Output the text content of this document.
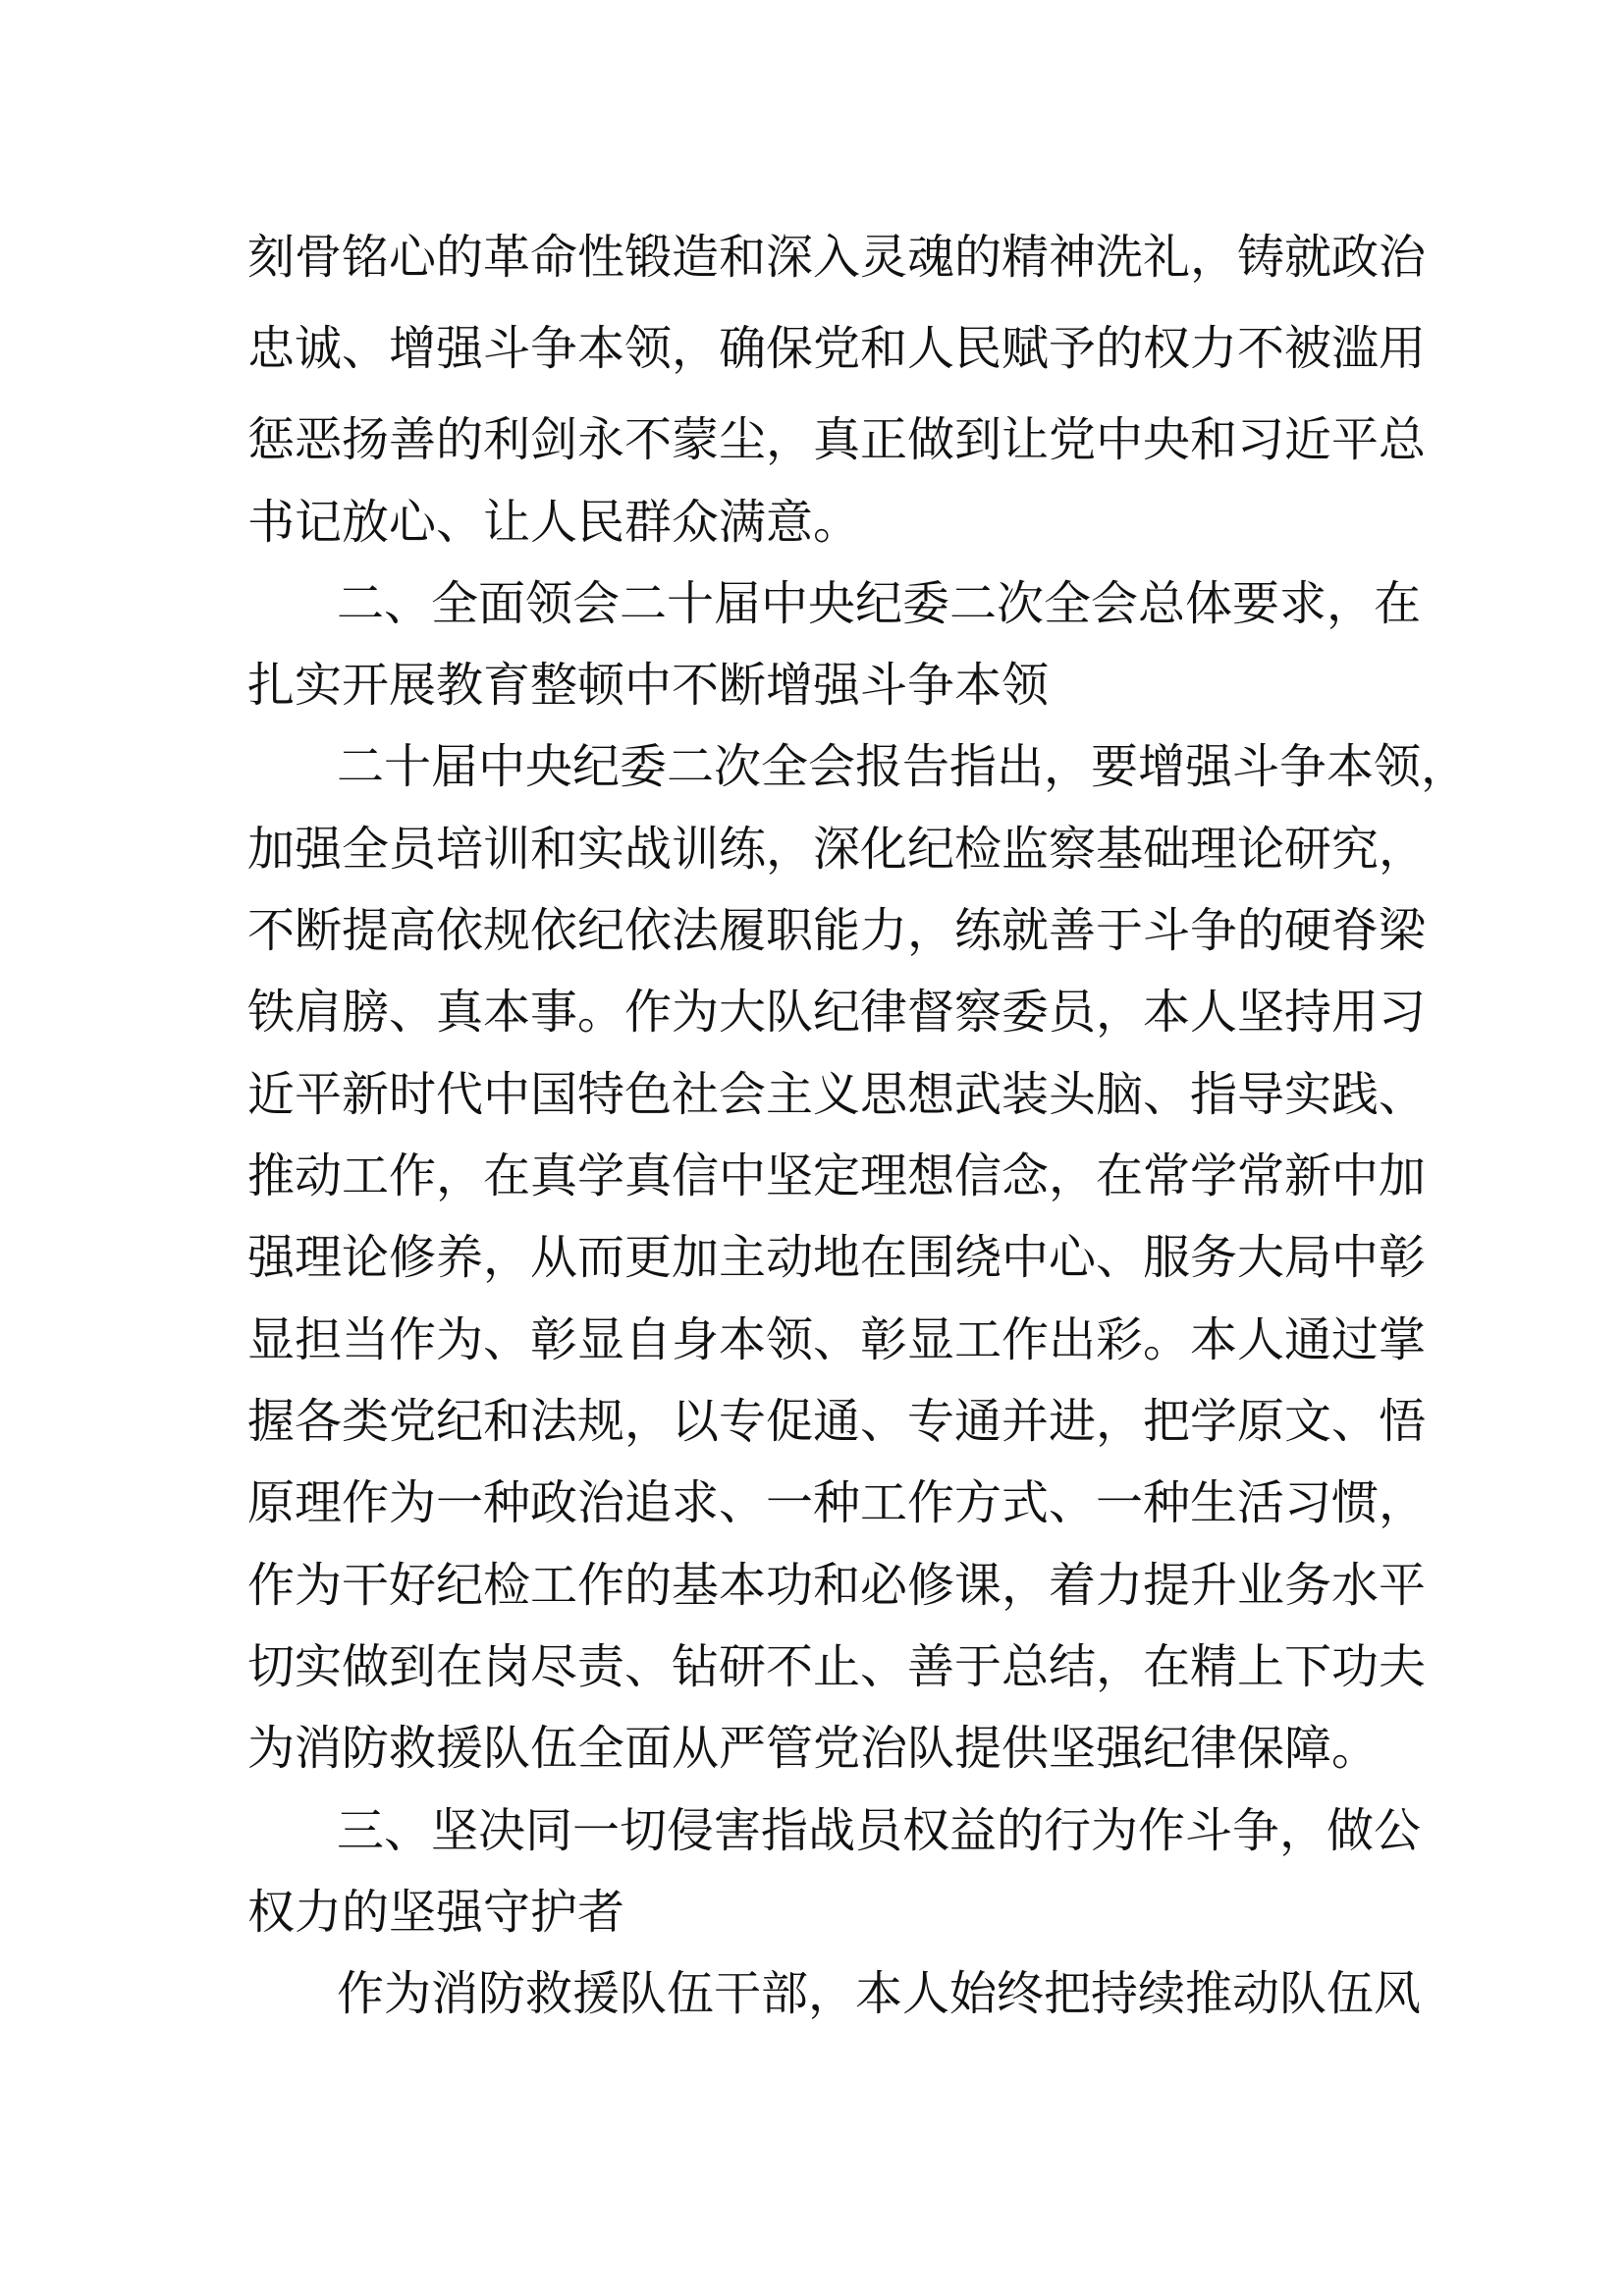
刻骨铭心的革命性锻造和深入灵魂的精神洗礼，铸就政治
忠诚、增强斗争本领，确保党和人民赋予的权力不被滥用
惩恶扬善的利剑永不蒙尘，真正做到让党中央和习近平总
书记放心、让人民群众满意。
二、全面领会二十届中央纪委二次全会总体要求，在
扎实开展教育整顿中不断增强斗争本领
二十届中央纪委二次全会报告指出，要增强斗争本领，
加强全员培训和实战训练，深化纪检监察基础理论研究，
不断提高依规依纪依法履职能力，练就善于斗争的硬脊梁
铁肩膀、真本事。作为大队纪律督察委员，本人坚持用习
近平新时代中国特色社会主义思想武装头脑、指导实践、
推动工作，在真学真信中坚定理想信念，在常学常新中加
强理论修养，从而更加主动地在围绕中心、服务大局中彰
显担当作为、彰显自身本领、彰显工作出彩。本人通过掌
握各类党纪和法规，以专促通、专通并进，把学原文、悟
原理作为一种政治追求、一种工作方式、一种生活习惯，
作为干好纪检工作的基本功和必修课，着力提升业务水平
切实做到在岗尽责、钻研不止、善于总结，在精上下功夫
为消防救援队伍全面从严管党治队提供坚强纪律保障。
三、坚决同一切侵害指战员权益的行为作斗争，做公
权力的坚强守护者
作为消防救援队伍干部，本人始终把持续推动队伍风
